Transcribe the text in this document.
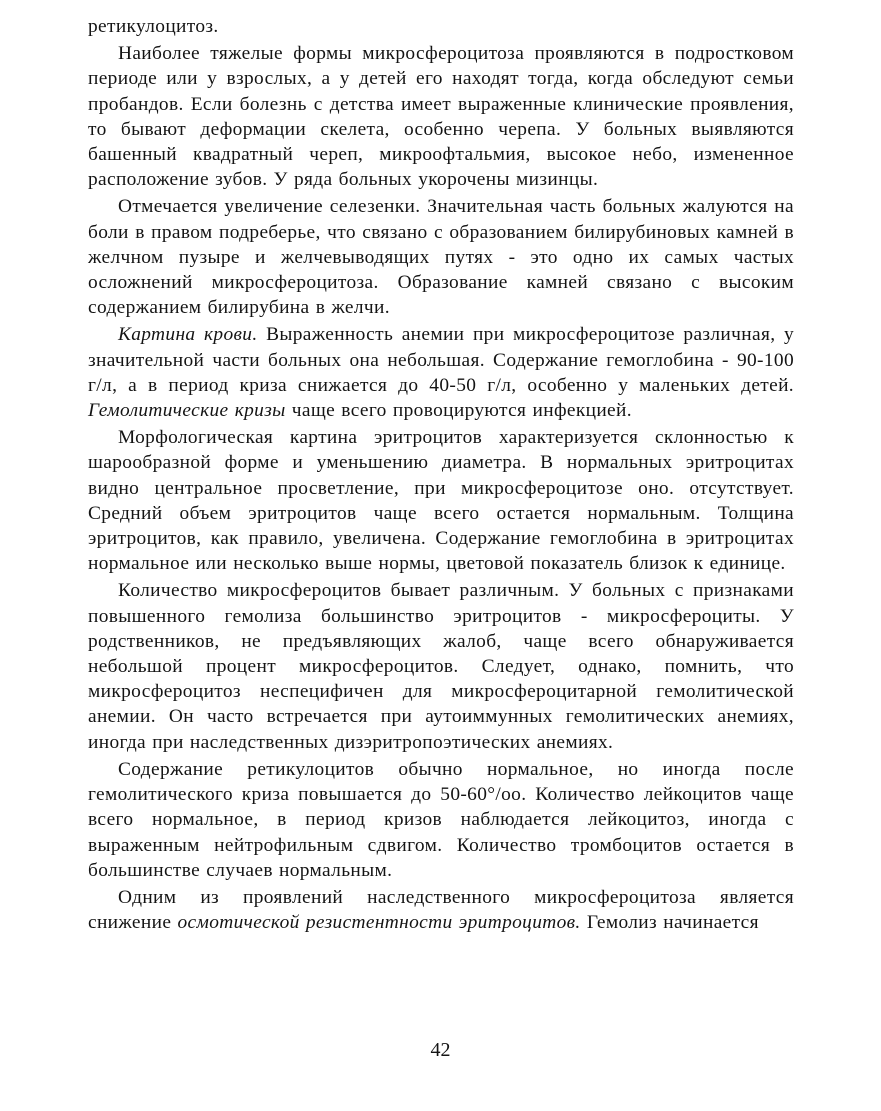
ретикулоцитоз.

Наиболее тяжелые формы микросфероцитоза проявляются в подростковом периоде или у взрослых, а у детей его находят тогда, когда обследуют семьи пробандов. Если болезнь с детства имеет выраженные клинические проявления, то бывают деформации скелета, особенно черепа. У больных выявляются башенный квадратный череп, микроофтальмия, высокое небо, измененное расположение зубов. У ряда больных укорочены мизинцы.

Отмечается увеличение селезенки. Значительная часть больных жалуются на боли в правом подреберье, что связано с образованием билирубиновых камней в желчном пузыре и желчевыводящих путях - это одно их самых частых осложнений микросфероцитоза. Образование камней связано с высоким содержанием билирубина в желчи.

Картина крови. Выраженность анемии при микросфероцитозе различная, у значительной части больных она небольшая. Содержание гемоглобина - 90-100 г/л, а в период криза снижается до 40-50 г/л, особенно у маленьких детей. Гемолитические кризы чаще всего провоцируются инфекцией.

Морфологическая картина эритроцитов характеризуется склонностью к шарообразной форме и уменьшению диаметра. В нормальных эритроцитах видно центральное просветление, при микросфероцитозе оно. отсутствует. Средний объем эритроцитов чаще всего остается нормальным. Толщина эритроцитов, как правило, увеличена. Содержание гемоглобина в эритроцитах нормальное или несколько выше нормы, цветовой показатель близок к единице.

Количество микросфероцитов бывает различным. У больных с признаками повышенного гемолиза большинство эритроцитов - микросфероциты. У родственников, не предъявляющих жалоб, чаще всего обнаруживается небольшой процент микросфероцитов. Следует, однако, помнить, что микросфероцитоз неспецифичен для микросфероцитарной гемолитической анемии. Он часто встречается при аутоиммунных гемолитических анемиях, иногда при наследственных дизэритропоэтических анемиях.

Содержание ретикулоцитов обычно нормальное, но иногда после гемолитического криза повышается до 50-60°/оо. Количество лейкоцитов чаще всего нормальное, в период кризов наблюдается лейкоцитоз, иногда с выраженным нейтрофильным сдвигом. Количество тромбоцитов остается в большинстве случаев нормальным.

Одним из проявлений наследственного микросфероцитоза является снижение осмотической резистентности эритроцитов. Гемолиз начинается

42
